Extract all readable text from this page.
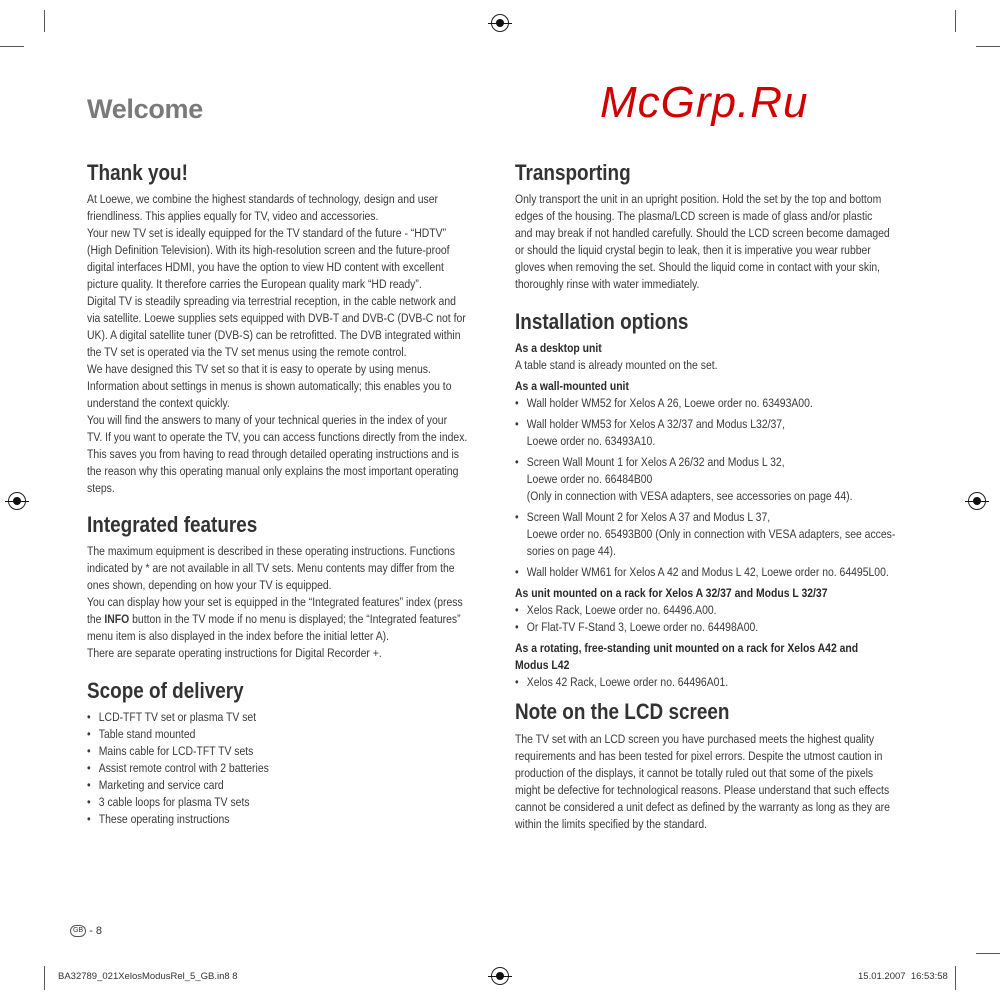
Welcome
Thank you!
At Loewe, we combine the highest standards of technology, design and user
friendliness. This applies equally for TV, video and accessories.
Your new TV set is ideally equipped for the TV standard of the future - “HDTV”
(High Definition Television). With its high-resolution screen and the future-proof
digital interfaces HDMI, you have the option to view HD content with excellent
picture quality. It therefore carries the European quality mark “HD ready”.
Digital TV is steadily spreading via terrestrial reception, in the cable network and
via satellite. Loewe supplies sets equipped with DVB-T and DVB-C (DVB-C not for
UK). A digital satellite tuner (DVB-S) can be retrofitted. The DVB integrated within
the TV set is operated via the TV set menus using the remote control.
We have designed this TV set so that it is easy to operate by using menus.
Information about settings in menus is shown automatically; this enables you to
understand the context quickly.
You will find the answers to many of your technical queries in the index of your
TV. If you want to operate the TV, you can access functions directly from the index.
This saves you from having to read through detailed operating instructions and is
the reason why this operating manual only explains the most important operating
steps.
Integrated features
The maximum equipment is described in these operating instructions. Functions
indicated by * are not available in all TV sets. Menu contents may differ from the
ones shown, depending on how your TV is equipped.
You can display how your set is equipped in the “Integrated features” index (press
the INFO button in the TV mode if no menu is displayed; the “Integrated features”
menu item is also displayed in the index before the initial letter A).
There are separate operating instructions for Digital Recorder +.
Scope of delivery
• LCD-TFT TV set or plasma TV set
• Table stand mounted
• Mains cable for LCD-TFT TV sets
• Assist remote control with 2 batteries
• Marketing and service card
• 3 cable loops for plasma TV sets
• These operating instructions
Transporting
Only transport the unit in an upright position. Hold the set by the top and bottom
edges of the housing. The plasma/LCD screen is made of glass and/or plastic
and may break if not handled carefully. Should the LCD screen become damaged
or should the liquid crystal begin to leak, then it is imperative you wear rubber
gloves when removing the set. Should the liquid come in contact with your skin,
thoroughly rinse with water immediately.
Installation options
As a desktop unit
A table stand is already mounted on the set.
As a wall-mounted unit
• Wall holder WM52 for Xelos A 26, Loewe order no. 63493A00.
• Wall holder WM53 for Xelos A 32/37 and Modus L32/37,
Loewe order no. 63493A10.
• Screen Wall Mount 1 for Xelos A 26/32 and Modus L 32,
Loewe order no. 66484B00
(Only in connection with VESA adapters, see accessories on page 44).
• Screen Wall Mount 2 for Xelos A 37 and Modus L 37,
Loewe order no. 65493B00 (Only in connection with VESA adapters, see acces-
sories on page 44).
• Wall holder WM61 for Xelos A 42 and Modus L 42, Loewe order no. 64495L00.
As unit mounted on a rack for Xelos A 32/37 and Modus L 32/37
• Xelos Rack, Loewe order no. 64496.A00.
• Or Flat-TV F-Stand 3, Loewe order no. 64498A00.
As a rotating, free-standing unit mounted on a rack for Xelos A42 and
Modus L42
• Xelos 42 Rack, Loewe order no. 64496A01.
Note on the LCD screen
The TV set with an LCD screen you have purchased meets the highest quality
requirements and has been tested for pixel errors. Despite the utmost caution in
production of the displays, it cannot be totally ruled out that some of the pixels
might be defective for technological reasons. Please understand that such effects
cannot be considered a unit defect as defined by the warranty as long as they are
within the limits specified by the standard.
McGrp.Ru
GB - 8
BA32789_021XelosModusRel_5_GB.in8 8	15.01.2007 16:53:58
